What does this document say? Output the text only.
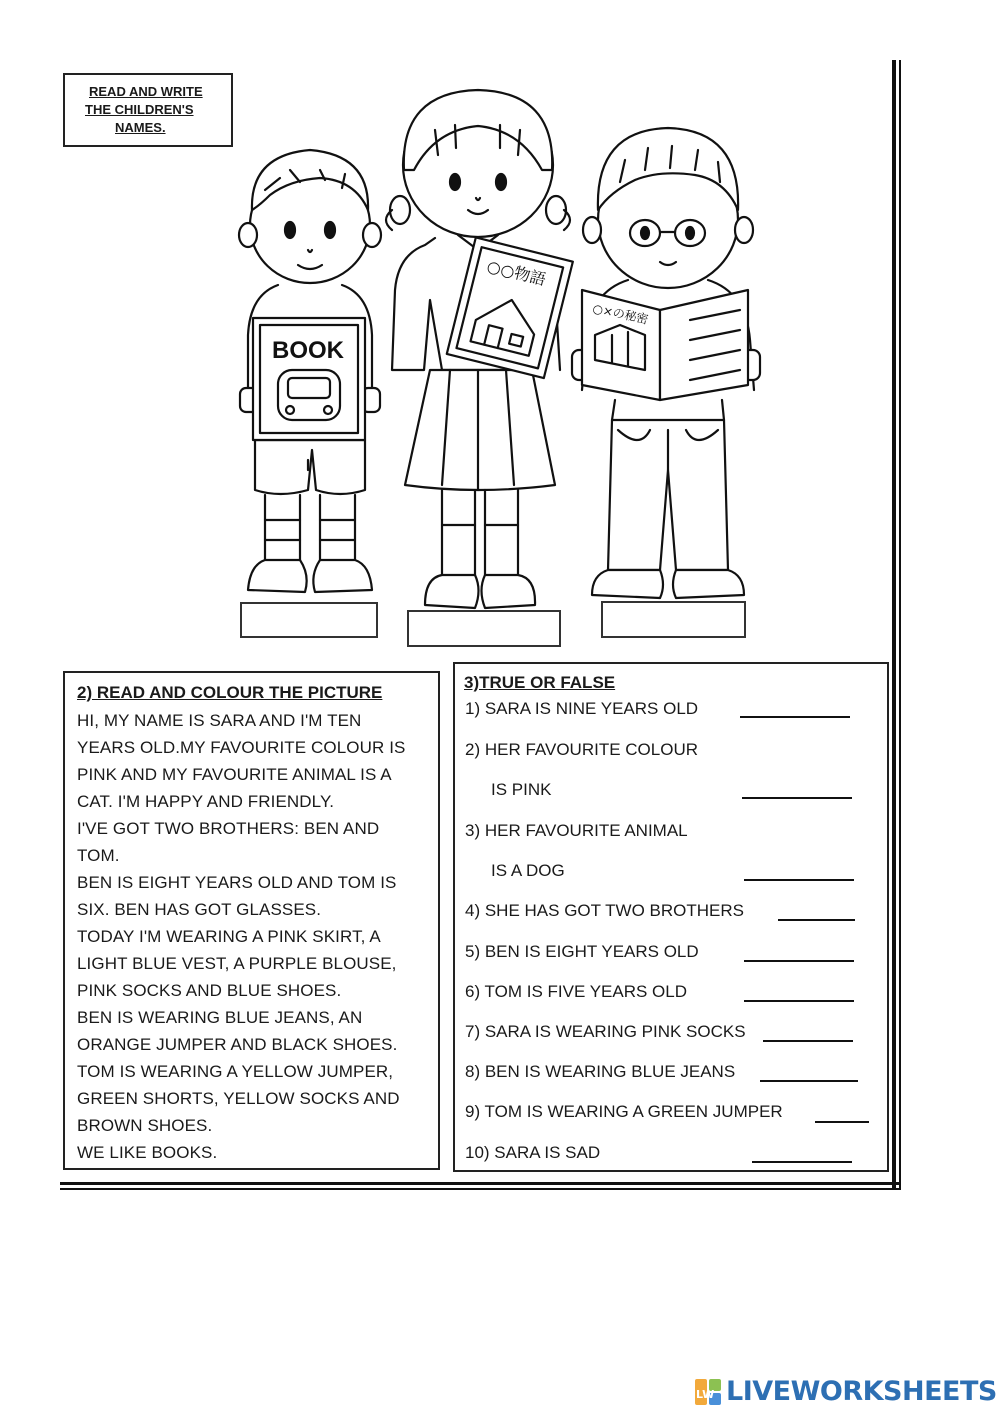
READ AND WRITE
THE CHILDREN'S
NAMES.
BOOK
○○物語
○×の秘密
2) READ AND COLOUR THE PICTURE
HI, MY NAME IS SARA AND I'M TEN
YEARS OLD.MY FAVOURITE COLOUR IS
PINK AND MY FAVOURITE ANIMAL IS A
CAT. I'M HAPPY AND FRIENDLY.
I'VE GOT TWO BROTHERS: BEN AND
TOM.
BEN IS EIGHT YEARS OLD AND TOM IS
SIX. BEN HAS GOT GLASSES.
TODAY I'M WEARING A PINK SKIRT, A
LIGHT BLUE VEST, A PURPLE BLOUSE,
PINK SOCKS AND BLUE SHOES.
BEN IS WEARING BLUE JEANS, AN
ORANGE JUMPER AND BLACK SHOES.
TOM IS WEARING A YELLOW JUMPER,
GREEN SHORTS, YELLOW SOCKS AND
BROWN SHOES.
WE LIKE BOOKS.
3)TRUE OR FALSE
1) SARA IS NINE YEARS OLD
2) HER FAVOURITE COLOUR
IS PINK
3) HER FAVOURITE ANIMAL
IS A DOG
4) SHE HAS GOT TWO BROTHERS
5) BEN IS EIGHT YEARS OLD
6) TOM IS FIVE YEARS OLD
7) SARA IS WEARING PINK SOCKS
8) BEN IS WEARING BLUE JEANS
9) TOM IS WEARING A GREEN JUMPER
10) SARA IS SAD
LW LIVEWORKSHEETS
